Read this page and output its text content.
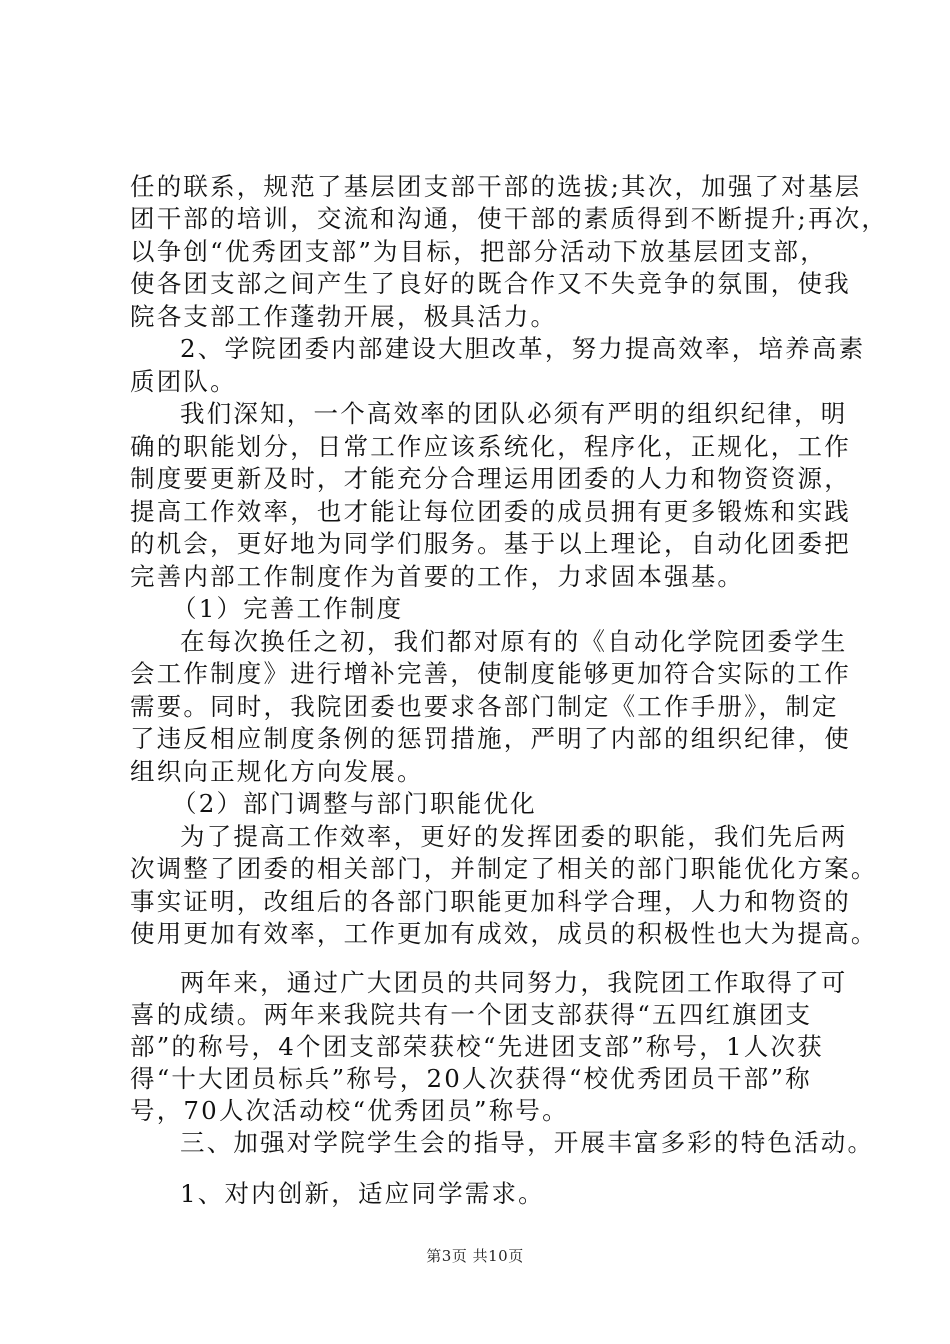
任的联系，规范了基层团支部干部的选拔;其次，加强了对基层
团干部的培训，交流和沟通，使干部的素质得到不断提升;再次，
以争创“优秀团支部”为目标，把部分活动下放基层团支部，
使各团支部之间产生了良好的既合作又不失竞争的氛围，使我
院各支部工作蓬勃开展，极具活力。
2、学院团委内部建设大胆改革，努力提高效率，培养高素
质团队。
我们深知，一个高效率的团队必须有严明的组织纪律，明
确的职能划分，日常工作应该系统化，程序化，正规化，工作
制度要更新及时，才能充分合理运用团委的人力和物资资源，
提高工作效率，也才能让每位团委的成员拥有更多锻炼和实践
的机会，更好地为同学们服务。基于以上理论，自动化团委把
完善内部工作制度作为首要的工作，力求固本强基。
（1）完善工作制度
在每次换任之初，我们都对原有的《自动化学院团委学生
会工作制度》进行增补完善，使制度能够更加符合实际的工作
需要。同时，我院团委也要求各部门制定《工作手册》，制定
了违反相应制度条例的惩罚措施，严明了内部的组织纪律，使
组织向正规化方向发展。
（2）部门调整与部门职能优化
为了提高工作效率，更好的发挥团委的职能，我们先后两
次调整了团委的相关部门，并制定了相关的部门职能优化方案。
事实证明，改组后的各部门职能更加科学合理，人力和物资的
使用更加有效率，工作更加有成效，成员的积极性也大为提高。
两年来，通过广大团员的共同努力，我院团工作取得了可
喜的成绩。两年来我院共有一个团支部获得“五四红旗团支
部”的称号，4个团支部荣获校“先进团支部”称号，1人次获
得“十大团员标兵”称号，20人次获得“校优秀团员干部”称
号，70人次活动校“优秀团员”称号。
三、加强对学院学生会的指导，开展丰富多彩的特色活动。
1、对内创新，适应同学需求。
第3页 共10页
